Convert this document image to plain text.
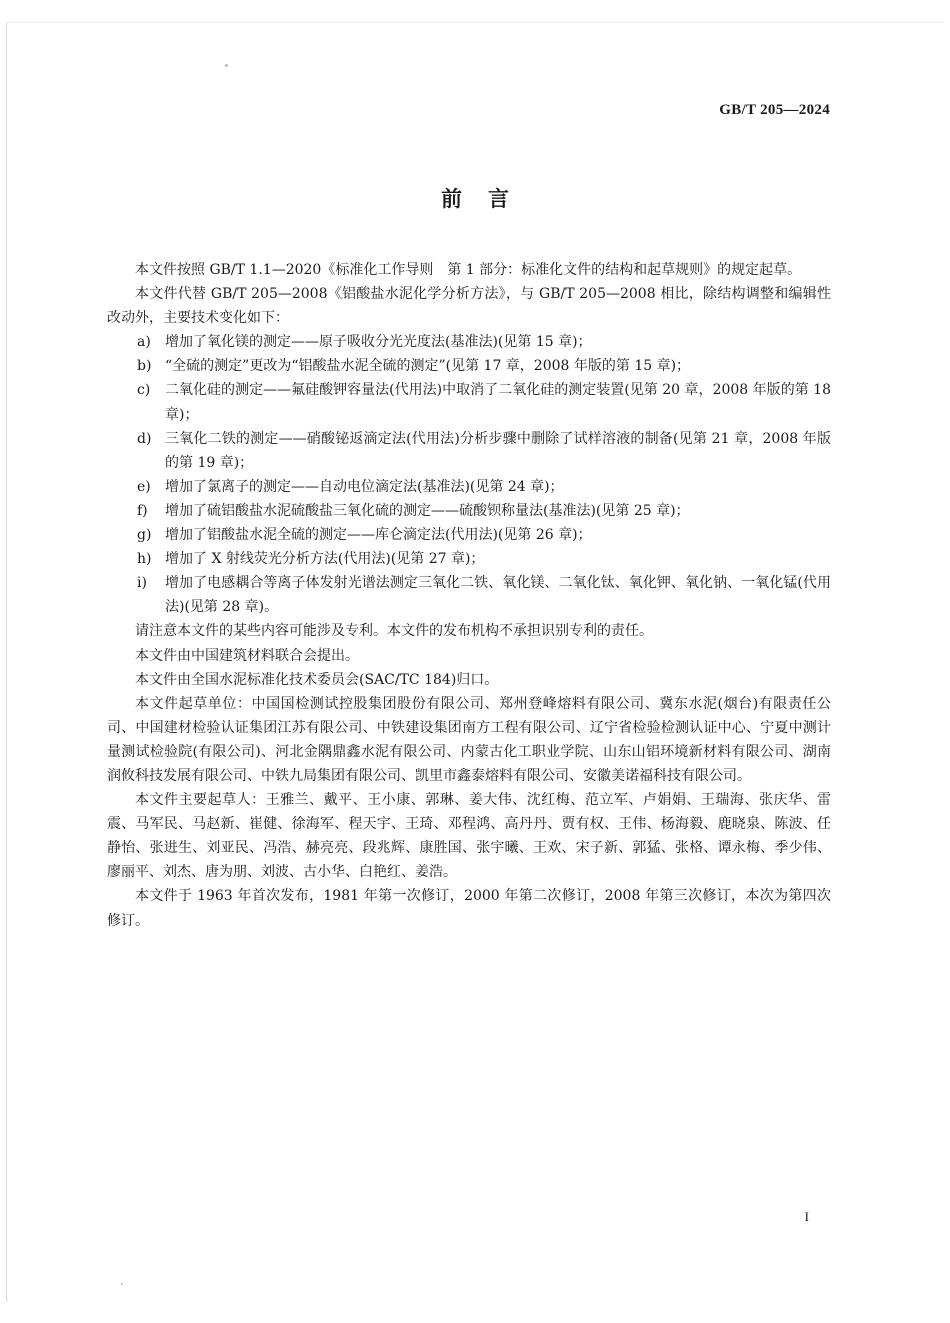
GB/T 205—2024
前言

本文件按照 GB/T 1.1—2020《标准化工作导则　第 1 部分：标准化文件的结构和起草规则》的规定起草。

本文件代替 GB/T 205—2008《铝酸盐水泥化学分析方法》，与 GB/T 205—2008 相比，除结构调整和编辑性改动外，主要技术变化如下：

a)	增加了氧化镁的测定——原子吸收分光光度法(基准法)(见第 15 章)；
b) “全硫的测定”更改为“铝酸盐水泥全硫的测定”(见第 17 章，2008 年版的第 15 章)；
c)	二氧化硅的测定——氟硅酸钾容量法(代用法)中取消了二氧化硅的测定装置(见第 20 章，2008 年版的第 18 章)；
d) 三氧化二铁的测定——硝酸铋返滴定法(代用法)分析步骤中删除了试样溶液的制备(见第 21 章，2008 年版的第 19 章)；
e)	增加了氯离子的测定——自动电位滴定法(基准法)(见第 24 章)；
f)	增加了硫铝酸盐水泥硫酸盐三氧化硫的测定——硫酸钡称量法(基准法)(见第 25 章)；
g) 增加了铝酸盐水泥全硫的测定——库仑滴定法(代用法)(见第 26 章)；
h) 增加了 X 射线荧光分析方法(代用法)(见第 27 章)；
i)	增加了电感耦合等离子体发射光谱法测定三氧化二铁、氧化镁、二氧化钛、氧化钾、氧化钠、一氧化锰(代用法)(见第 28 章)。

请注意本文件的某些内容可能涉及专利。本文件的发布机构不承担识别专利的责任。

本文件由中国建筑材料联合会提出。

本文件由全国水泥标准化技术委员会(SAC/TC 184)归口。

本文件起草单位：中国国检测试控股集团股份有限公司、郑州登峰熔料有限公司、冀东水泥(烟台)有限责任公司、中国建材检验认证集团江苏有限公司、中铁建设集团南方工程有限公司、辽宁省检验检测认证中心、宁夏中测计量测试检验院(有限公司)、河北金隅鼎鑫水泥有限公司、内蒙古化工职业学院、山东山铝环境新材料有限公司、湖南润攸科技发展有限公司、中铁九局集团有限公司、凯里市鑫泰熔料有限公司、安徽美诺福科技有限公司。

本文件主要起草人：王雅兰、戴平、王小康、郭琳、姜大伟、沈红梅、范立军、卢娟娟、王瑞海、张庆华、雷震、马军民、马赵新、崔健、徐海军、程天宇、王琦、邓程鸿、高丹丹、贾有权、王伟、杨海毅、鹿晓泉、陈波、任静怡、张进生、刘亚民、冯浩、赫亮亮、段兆辉、康胜国、张宇曦、王欢、宋子新、郭猛、张格、谭永梅、季少伟、廖丽平、刘杰、唐为朋、刘波、古小华、白艳红、姜浩。

本文件于 1963 年首次发布，1981 年第一次修订，2000 年第二次修订，2008 年第三次修订，本次为第四次修订。

I
